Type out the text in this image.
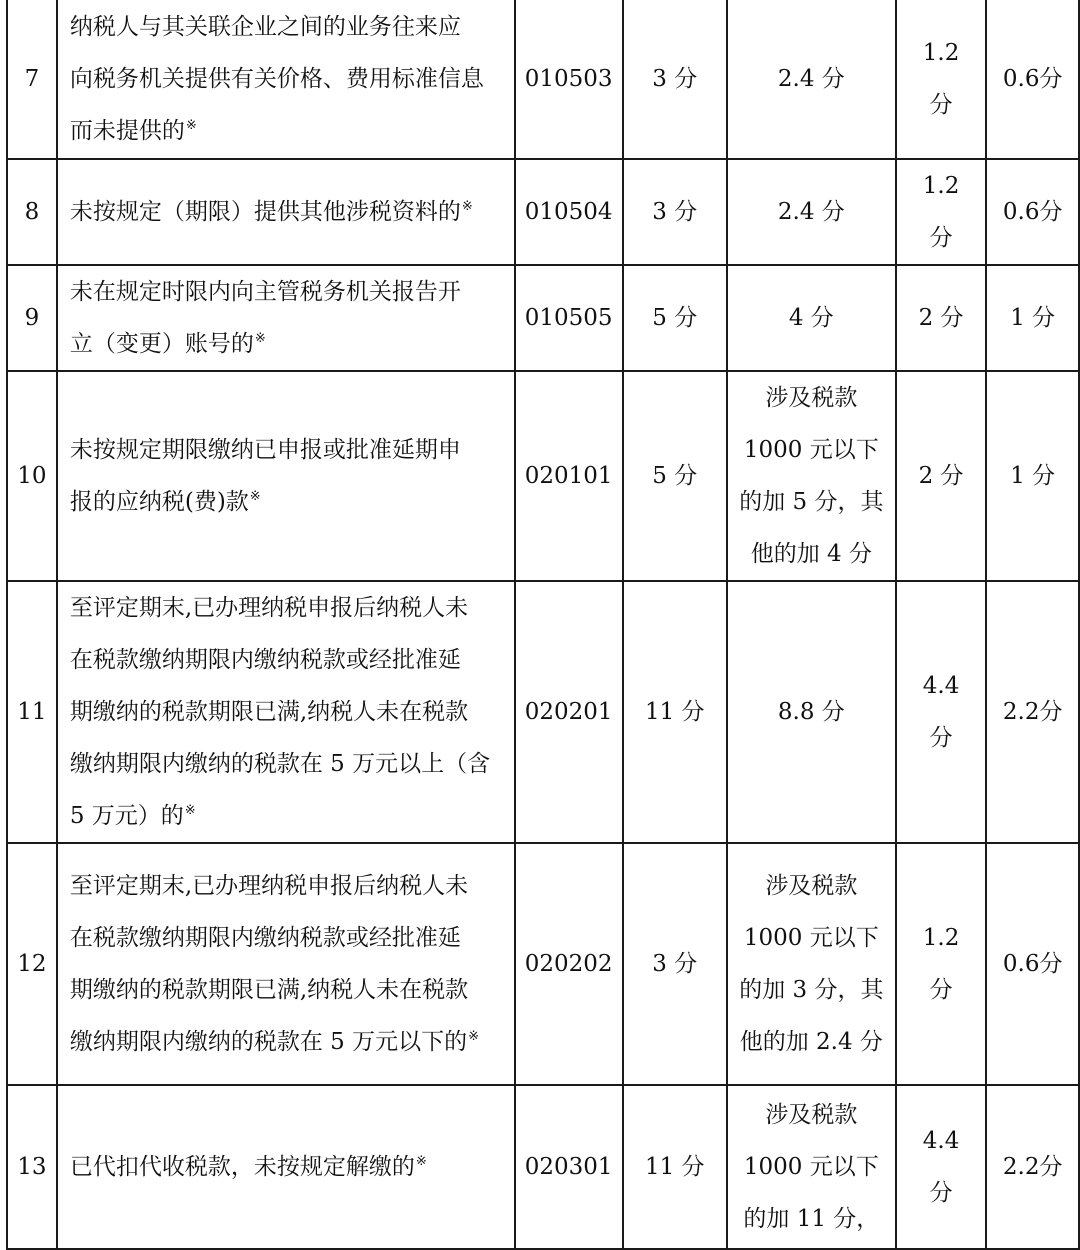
7	纳税人与其关联企业之间的业务往来应
向税务机关提供有关价格、费用标准信息
而未提供的※	010503	3 分	2.4 分	1.2
分	0.6分
8	未按规定（期限）提供其他涉税资料的※	010504	3 分	2.4 分	1.2
分	0.6分
9	未在规定时限内向主管税务机关报告开
立（变更）账号的※	010505	5 分	4 分	2 分	1 分
10	未按规定期限缴纳已申报或批准延期申
报的应纳税(费)款※	020101	5 分	涉及税款
1000 元以下
的加 5 分，其
他的加 4 分	2 分	1 分
11	至评定期末,已办理纳税申报后纳税人未
在税款缴纳期限内缴纳税款或经批准延
期缴纳的税款期限已满,纳税人未在税款
缴纳期限内缴纳的税款在 5 万元以上（含
5 万元）的※	020201	11 分	8.8 分	4.4
分	2.2分
12	至评定期末,已办理纳税申报后纳税人未
在税款缴纳期限内缴纳税款或经批准延
期缴纳的税款期限已满,纳税人未在税款
缴纳期限内缴纳的税款在 5 万元以下的※	020202	3 分	涉及税款
1000 元以下
的加 3 分，其
他的加 2.4 分	1.2
分	0.6分
13	已代扣代收税款，未按规定解缴的※	020301	11 分	涉及税款
1000 元以下
的加 11 分，	4.4
分	2.2分
